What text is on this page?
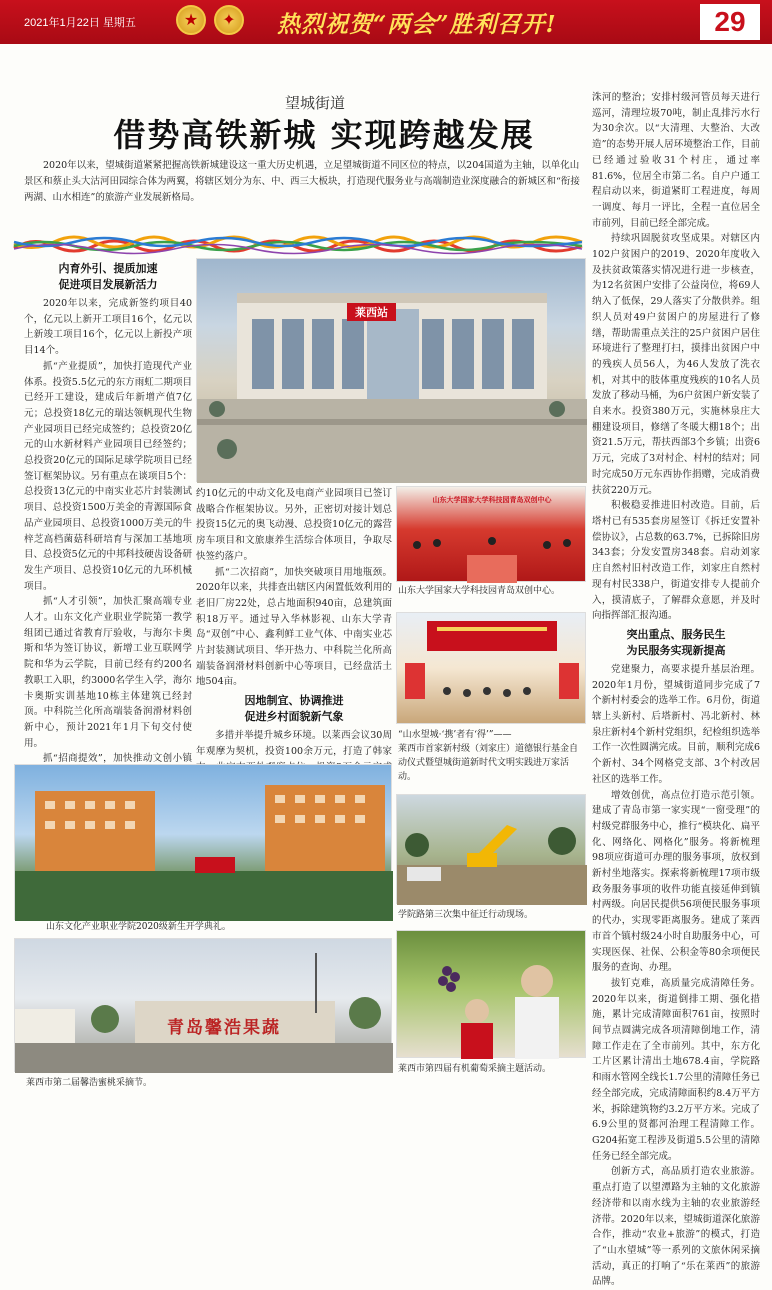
2021年1月22日 星期五	★	✦	热烈祝贺“两会”胜利召开!	29
望城街道
借势高铁新城 实现跨越发展
2020年以来，望城街道紧紧把握高铁新城建设这一重大历史机遇，立足望城街道不同区位的特点，以204国道为主轴，以单化山景区和蔡止头大沽河田园综合体为两翼，将辖区划分为东、中、西三大板块，打造现代服务业与高端制造业深度融合的新城区和“衔接两湖、山水相连”的旅游产业发展新格局。
内育外引、提质加速
促进项目发展新活力

2020年以来，完成新签约项目40个，亿元以上新开工项目16个，亿元以上新竣工项目16个，亿元以上新投产项目14个。

抓“产业提质”，加快打造现代产业体系。投资5.5亿元的东方雨虹二期项目已经开工建设，建成后年新增产值7亿元；总投资18亿元的瑞达领帆现代生物产业园项目已经完成签约；总投资20亿元的山水新材料产业园项目已经签约；总投资20亿元的国际足球学院项目已经签订框架协议。另有重点在谈项目5个：总投资13亿元的中南实业芯片封装测试项目、总投资1500万美金的青源国际食品产业园项目、总投资1000万美元的牛梓芝高档菌菇科研培育与深加工基地项目、总投资5亿元的中邦科技硬齿设备研发生产项目、总投资10亿元的九环机械项目。

抓“人才引领”，加快汇聚高端专业人才。山东文化产业职业学院第一教学组团已通过省教育厅验收，与海尔卡奥斯和华为签订协议，新增工业互联网学院和华为云学院，目前已经有约200名教职工入职，约3000名学生入学，海尔卡奥斯实训基地10栋主体建筑已经封顶。中科院兰化所高端装备润滑材料创新中心，预计2021年1月下旬交付使用。

抓“招商提效”，加快推动文创小镇

莱西站

约10亿元的中动文化及电商产业园项目已签订战略合作框架协议。另外，正密切对接计划总投资15亿元的奥飞动漫、总投资10亿元的露营房车项目和文旅康养生活综合体项目，争取尽快签约落户。

抓“二次招商”，加快突破项目用地瓶颈。2020年以来，共排查出辖区内闲置低效利用的老旧厂房22处，总占地面积940亩，总建筑面积18万平。通过导入华林影视、山东大学青岛“双创”中心、鑫利鲜工业气体、中南实业芯片封装测试项目、华开热力、中科院兰化所高端装备润滑材料创新中心等项目，已经盘活土地504亩。

因地制宜、协调推进
促进乡村面貌新气象

多措并举提升城乡环境。以莱西会议30周年观摩为契机，投资100余万元，打造了韩家

山东大学国家大学科技园青岛双创中心
山东大学国家大学科技园青岛双创中心。
“山水望城·‘携’者有‘得’”——
莱西市首家新村级（刘家庄）道德银行基金自动仪式暨望城街道新时代文明实践进万家活动。
山东文化产业职业学院2020级新生开学典礼。
青岛馨浩果蔬
莱西市第二届馨浩蜜桃采摘节。
学院路第三次集中征迁行动现场。
莱西市第四届有机葡萄采摘主题活动。

洙河的整治；安排村级河管员每天进行巡河，清理垃圾70吨，制止乱排污水行为30余次。以“大清理、大整治、大改造”的态势开展人居环境整治工作，目前已经通过验收31个村庄，通过率81.6%，位居全市第二名。自户户通工程启动以来，街道紧盯工程进度，每周一调度、每月一评比，全程一直位居全市前列，目前已经全部完成。

持续巩固脱贫攻坚成果。对辖区内102户贫困户的2019、2020年度收入及扶贫政策落实情况进行进一步核查，为12名贫困户安排了公益岗位，将69人纳入了低保，29人落实了分散供养。组织人员对49户贫困户的房屋进行了修缮，帮助需重点关注的25户贫困户居住环境进行了整理打扫，摸排出贫困户中的残疾人员56人，为46人发放了洗衣机，对其中的肢体重度残疾的10名人员发放了移动马桶，为6户贫困户新安装了自来水。投资380万元，实施林泉庄大棚建设项目，修缮了冬暖大棚18个；出资21.5万元，帮扶西部3个乡镇；出资6万元，完成了3对村企、村村的结对；同时完成50万元东西协作捐赠，完成消费扶贫220万元。

积极稳妥推进旧村改造。目前，后塔村已有535套房屋签订《拆迁安置补偿协议》，占总数的63.7%，已拆除旧房343套；分发安置房348套。启动刘家庄自然村旧村改造工作，刘家庄自然村现有村民338户，街道安排专人提前介入，摸清底子，了解群众意愿，并及时向指挥部汇报沟通。

突出重点、服务民生
为民服务实现新提高

党建聚力，高要求提升基层治理。2020年1月份，望城街道同步完成了7个新村村委会的选举工作。6月份，街道辖上头新村、后塔新村、冯北新村、林泉庄新村4个新村党组织，纪检组织选举工作一次性圆满完成。目前，顺利完成6个新村、34个网格党支部、3个村改居社区的选举工作。

增效创优，高点位打造示范引领。建成了青岛市第一家实现“一窗受理”的村级党群服务中心，推行“模块化、扁平化、网络化、网格化”服务。将新梳理98项应街道可办理的服务事项，放权到新村坐地落实。探索将新梳理17项市级政务服务事项的收件功能直接延伸到镇村两级。向居民提供56项便民服务事项的代办，实现零距离服务。建成了莱西市首个镇村级24小时自助服务中心，可实现医保、社保、公积金等80余项便民服务的查询、办理。

拔钉克难，高质量完成清障任务。2020年以来，街道倒排工期、强化措施，累计完成清障面积761亩，按照时间节点圆满完成各项清障倒地工作，清障工作走在了全市前列。其中，东方化工片区累计清出土地678.4亩，学院路和雨水管网全线长1.7公里的清障任务已经全部完成，完成清障面积约8.4万平方米，拆除建筑物约3.2万平方米。完成了6.9公里的贤都河治理工程清障工作。G204拓宽工程涉及街道5.5公里的清障任务已经全部完成。

创新方式，高品质打造农业旅游。重点打造了以望潭路为主轴的文化旅游经济带和以南水线为主轴的农业旅游经济带。2020年以来，望城街道深化旅游合作，推动“农业+旅游”的模式，打造了“山水望城”等一系列的文旅休闲采摘活动，真正的打响了“乐在莱西”的旅游品牌。
